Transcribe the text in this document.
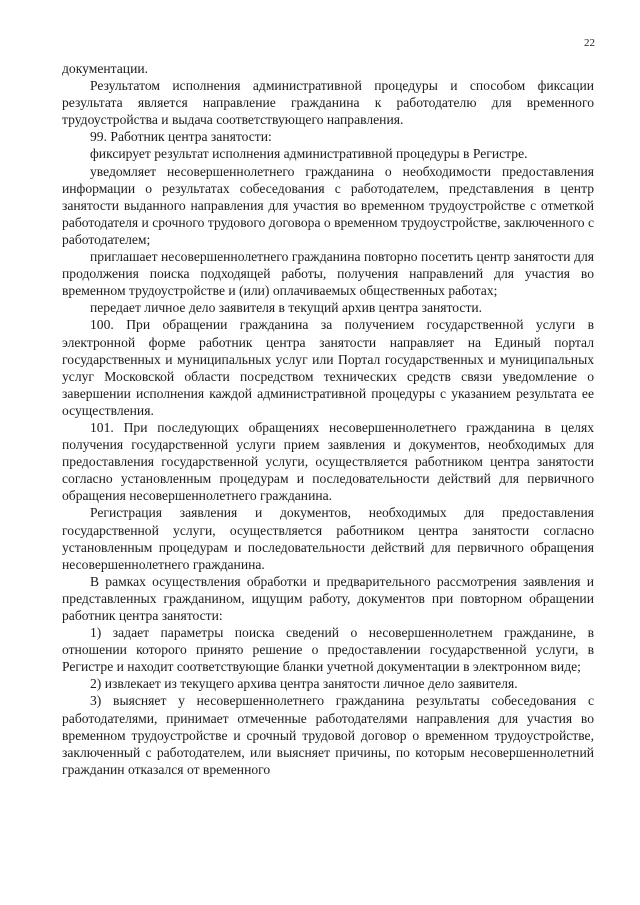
22

документации.

Результатом исполнения административной процедуры и способом фиксации результата является направление гражданина к работодателю для временного трудоустройства и выдача соответствующего направления.

99. Работник центра занятости:

фиксирует результат исполнения административной процедуры в Регистре.

уведомляет несовершеннолетнего гражданина о необходимости предоставления информации о результатах собеседования с работодателем, представления в центр занятости выданного направления для участия во временном трудоустройстве с отметкой работодателя и срочного трудового договора о временном трудоустройстве, заключенного с работодателем;

приглашает несовершеннолетнего гражданина повторно посетить центр занятости для продолжения поиска подходящей работы, получения направлений для участия во временном трудоустройстве и (или) оплачиваемых общественных работах;

передает личное дело заявителя в текущий архив центра занятости.

100. При обращении гражданина за получением государственной услуги в электронной форме работник центра занятости направляет на Единый портал государственных и муниципальных услуг или Портал государственных и муниципальных услуг Московской области посредством технических средств связи уведомление о завершении исполнения каждой административной процедуры с указанием результата ее осуществления.

101. При последующих обращениях несовершеннолетнего гражданина в целях получения государственной услуги прием заявления и документов, необходимых для предоставления государственной услуги, осуществляется работником центра занятости согласно установленным процедурам и последовательности действий для первичного обращения несовершеннолетнего гражданина.

Регистрация заявления и документов, необходимых для предоставления государственной услуги, осуществляется работником центра занятости согласно установленным процедурам и последовательности действий для первичного обращения несовершеннолетнего гражданина.

В рамках осуществления обработки и предварительного рассмотрения заявления и представленных гражданином, ищущим работу, документов при повторном обращении работник центра занятости:

1) задает параметры поиска сведений о несовершеннолетнем гражданине, в отношении которого принято решение о предоставлении государственной услуги, в Регистре и находит соответствующие бланки учетной документации в электронном виде;

2) извлекает из текущего архива центра занятости личное дело заявителя.

3) выясняет у несовершеннолетнего гражданина результаты собеседования с работодателями, принимает отмеченные работодателями направления для участия во временном трудоустройстве и срочный трудовой договор о временном трудоустройстве, заключенный с работодателем, или выясняет причины, по которым несовершеннолетний гражданин отказался от временного
